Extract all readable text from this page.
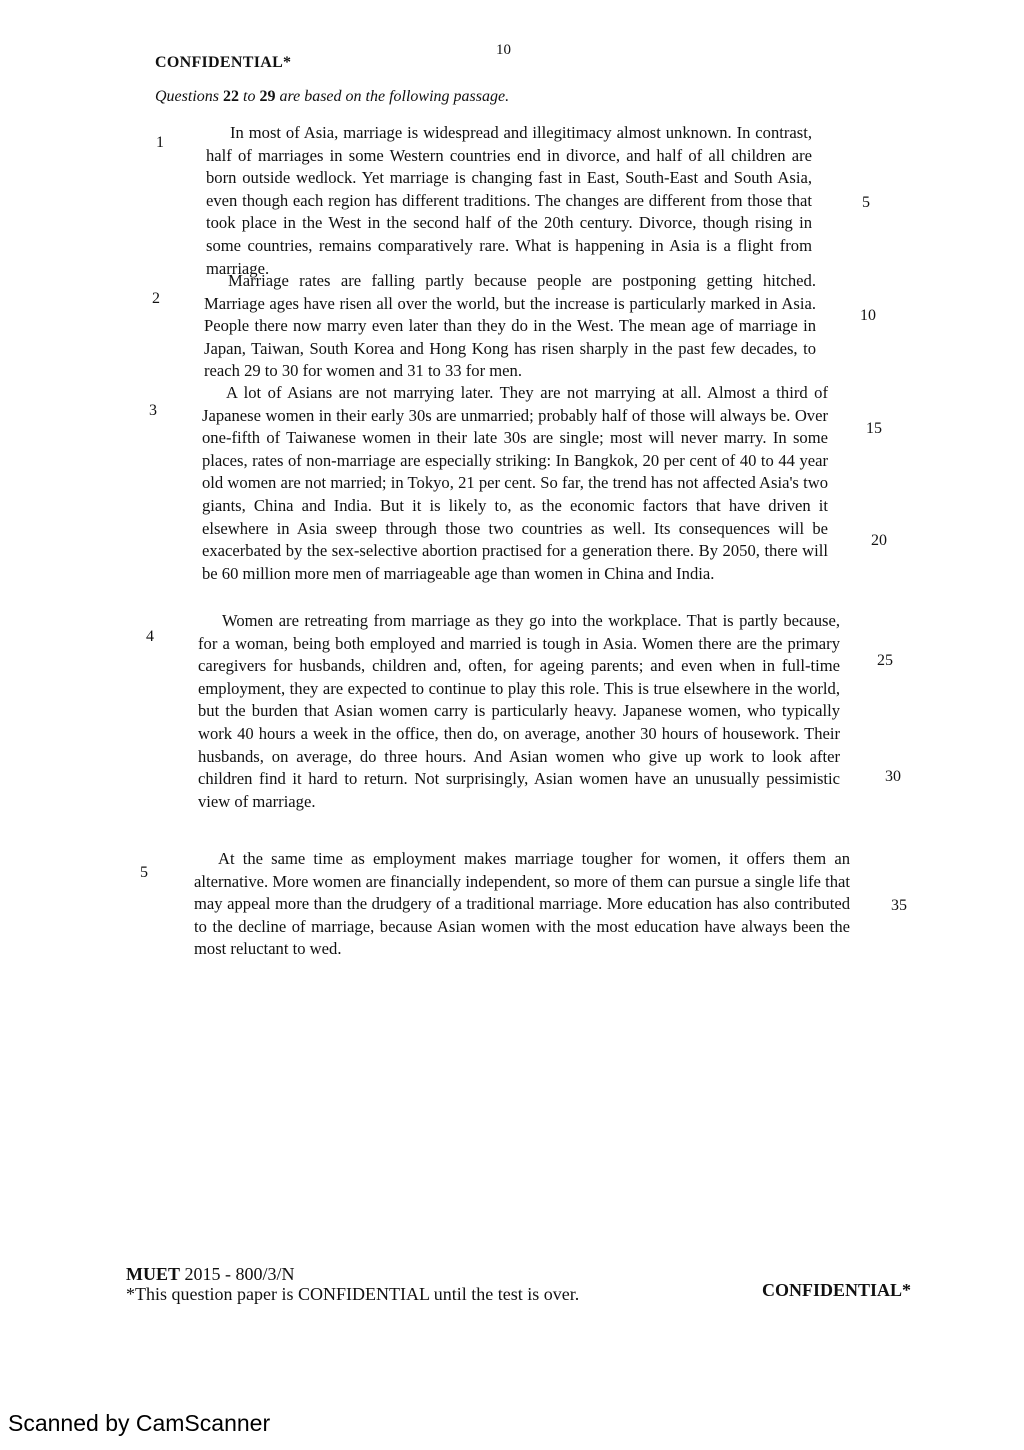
CONFIDENTIAL*
10
Questions 22 to 29 are based on the following passage.
1

In most of Asia, marriage is widespread and illegitimacy almost unknown. In contrast, half of marriages in some Western countries end in divorce, and half of all children are born outside wedlock. Yet marriage is changing fast in East, South-East and South Asia, even though each region has different traditions. The changes are different from those that took place in the West in the second half of the 20th century. Divorce, though rising in some countries, remains comparatively rare. What is happening in Asia is a flight from marriage.

2

Marriage rates are falling partly because people are postponing getting hitched. Marriage ages have risen all over the world, but the increase is particularly marked in Asia. People there now marry even later than they do in the West. The mean age of marriage in Japan, Taiwan, South Korea and Hong Kong has risen sharply in the past few decades, to reach 29 to 30 for women and 31 to 33 for men.

3

A lot of Asians are not marrying later. They are not marrying at all. Almost a third of Japanese women in their early 30s are unmarried; probably half of those will always be. Over one-fifth of Taiwanese women in their late 30s are single; most will never marry. In some places, rates of non-marriage are especially striking: In Bangkok, 20 per cent of 40 to 44 year old women are not married; in Tokyo, 21 per cent. So far, the trend has not affected Asia's two giants, China and India. But it is likely to, as the economic factors that have driven it elsewhere in Asia sweep through those two countries as well. Its consequences will be exacerbated by the sex-selective abortion practised for a generation there. By 2050, there will be 60 million more men of marriageable age than women in China and India.

4

Women are retreating from marriage as they go into the workplace. That is partly because, for a woman, being both employed and married is tough in Asia. Women there are the primary caregivers for husbands, children and, often, for ageing parents; and even when in full-time employment, they are expected to continue to play this role. This is true elsewhere in the world, but the burden that Asian women carry is particularly heavy. Japanese women, who typically work 40 hours a week in the office, then do, on average, another 30 hours of housework. Their husbands, on average, do three hours. And Asian women who give up work to look after children find it hard to return. Not surprisingly, Asian women have an unusually pessimistic view of marriage.

5

At the same time as employment makes marriage tougher for women, it offers them an alternative. More women are financially independent, so more of them can pursue a single life that may appeal more than the drudgery of a traditional marriage. More education has also contributed to the decline of marriage, because Asian women with the most education have always been the most reluctant to wed.

5
10
15
20
25
30
35
MUET 2015 - 800/3/N
*This question paper is CONFIDENTIAL until the test is over.	CONFIDENTIAL*
Scanned by CamScanner
